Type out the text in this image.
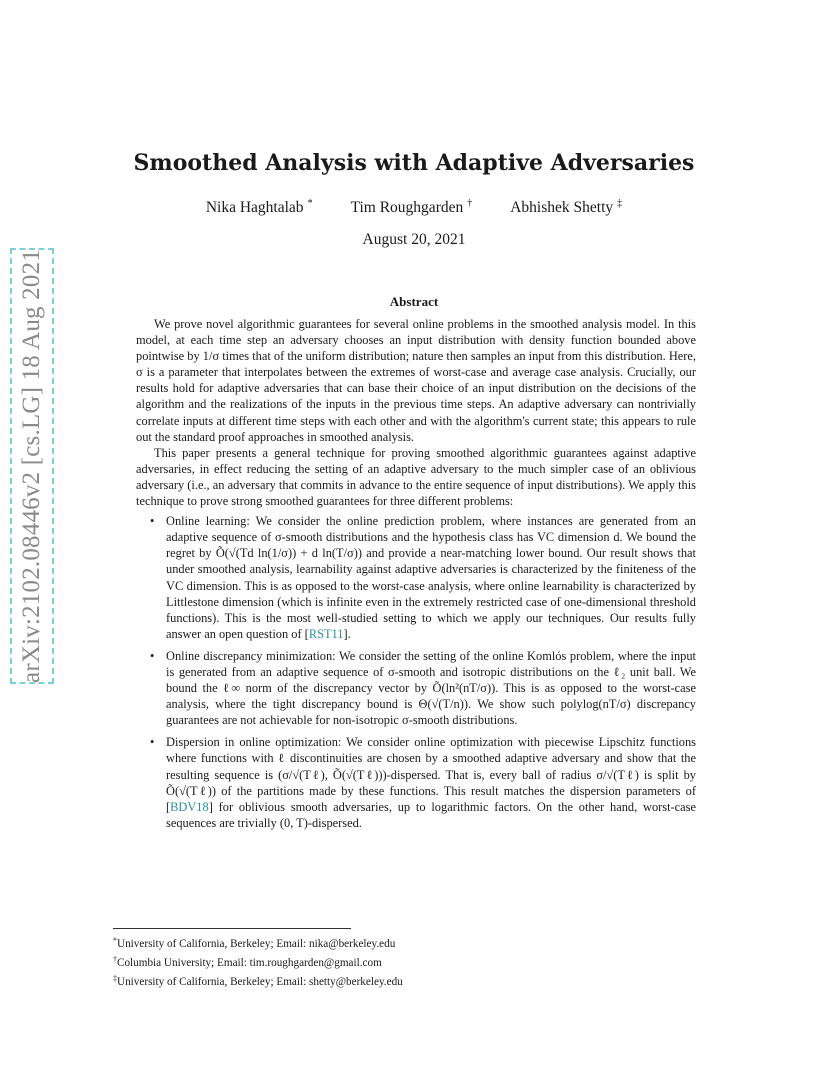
arXiv:2102.08446v2 [cs.LG] 18 Aug 2021
Smoothed Analysis with Adaptive Adversaries
Nika Haghtalab * Tim Roughgarden † Abhishek Shetty ‡
August 20, 2021
Abstract

We prove novel algorithmic guarantees for several online problems in the smoothed analysis model. In this model, at each time step an adversary chooses an input distribution with density function bounded above pointwise by 1/σ times that of the uniform distribution; nature then samples an input from this distribution. Here, σ is a parameter that interpolates between the extremes of worst-case and average case analysis. Crucially, our results hold for adaptive adversaries that can base their choice of an input distribution on the decisions of the algorithm and the realizations of the inputs in the previous time steps. An adaptive adversary can nontrivially correlate inputs at different time steps with each other and with the algorithm's current state; this appears to rule out the standard proof approaches in smoothed analysis.

This paper presents a general technique for proving smoothed algorithmic guarantees against adaptive adversaries, in effect reducing the setting of an adaptive adversary to the much simpler case of an oblivious adversary (i.e., an adversary that commits in advance to the entire sequence of input distributions). We apply this technique to prove strong smoothed guarantees for three different problems:

• Online learning: We consider the online prediction problem, where instances are generated from an adaptive sequence of σ-smooth distributions and the hypothesis class has VC dimension d. We bound the regret by Õ(√(Td ln(1/σ)) + d ln(T/σ)) and provide a near-matching lower bound. Our result shows that under smoothed analysis, learnability against adaptive adversaries is characterized by the finiteness of the VC dimension. This is as opposed to the worst-case analysis, where online learnability is characterized by Littlestone dimension (which is infinite even in the extremely restricted case of one-dimensional threshold functions). This is the most well-studied setting to which we apply our techniques. Our results fully answer an open question of [RST11].
• Online discrepancy minimization: We consider the setting of the online Komlós problem, where the input is generated from an adaptive sequence of σ-smooth and isotropic distributions on the ℓ₂ unit ball. We bound the ℓ∞ norm of the discrepancy vector by Õ(ln²(nT/σ)). This is as opposed to the worst-case analysis, where the tight discrepancy bound is Θ(√(T/n)). We show such polylog(nT/σ) discrepancy guarantees are not achievable for non-isotropic σ-smooth distributions.
• Dispersion in online optimization: We consider online optimization with piecewise Lipschitz functions where functions with ℓ discontinuities are chosen by a smoothed adaptive adversary and show that the resulting sequence is (σ/√(Tℓ), Õ(√(Tℓ)))-dispersed. That is, every ball of radius σ/√(Tℓ) is split by Õ(√(Tℓ)) of the partitions made by these functions. This result matches the dispersion parameters of [BDV18] for oblivious smooth adversaries, up to logarithmic factors. On the other hand, worst-case sequences are trivially (0, T)-dispersed.
*University of California, Berkeley; Email: nika@berkeley.edu
†Columbia University; Email: tim.roughgarden@gmail.com
‡University of California, Berkeley; Email: shetty@berkeley.edu
